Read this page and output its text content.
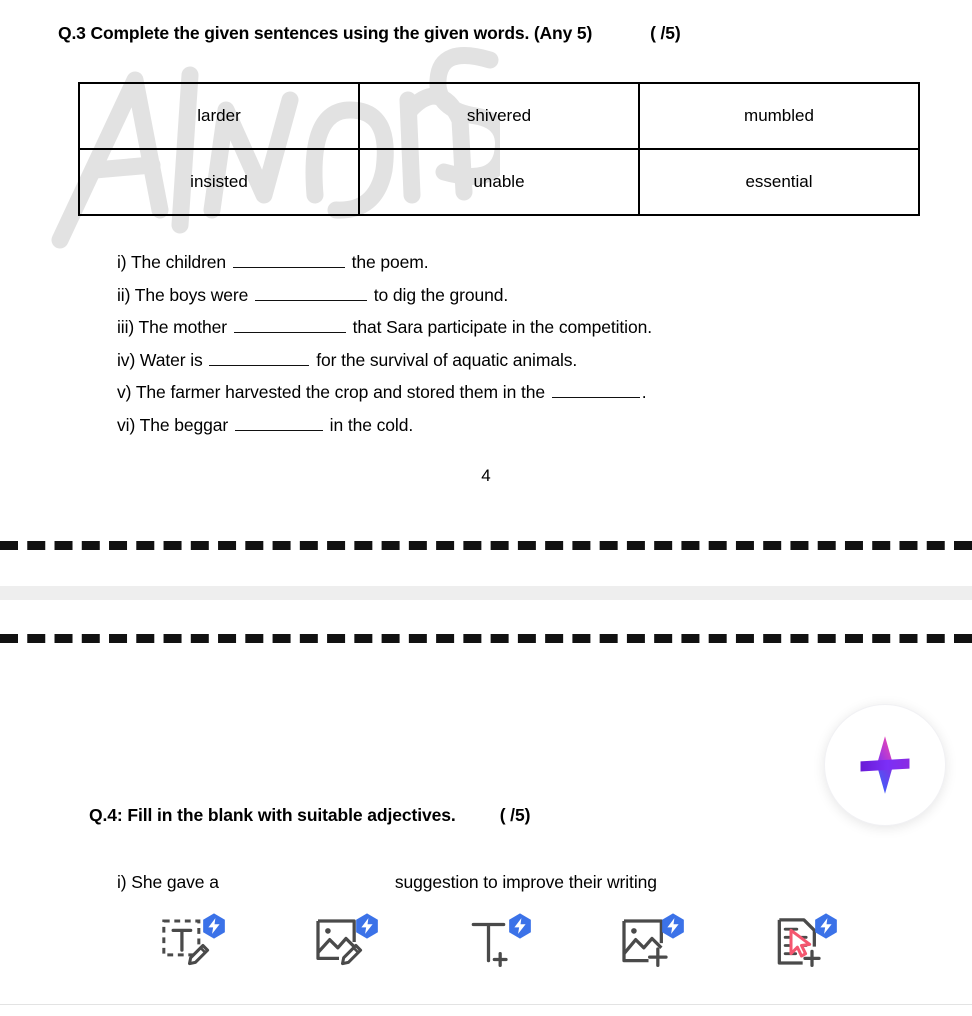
Q.3 Complete the given sentences using the given words. (Any 5)	( /5)
larder	shivered	mumbled
insisted	unable	essential
i) The children	the poem.
ii) The boys were	to dig the ground.
iii) The mother	that Sara participate in the competition.
iv) Water is	for the survival of aquatic animals.
v) The farmer harvested the crop and stored them in the	.
vi) The beggar	in the cold.
4
Q.4: Fill in the blank with suitable adjectives.	( /5)
i) She gave a	suggestion to improve their writing
